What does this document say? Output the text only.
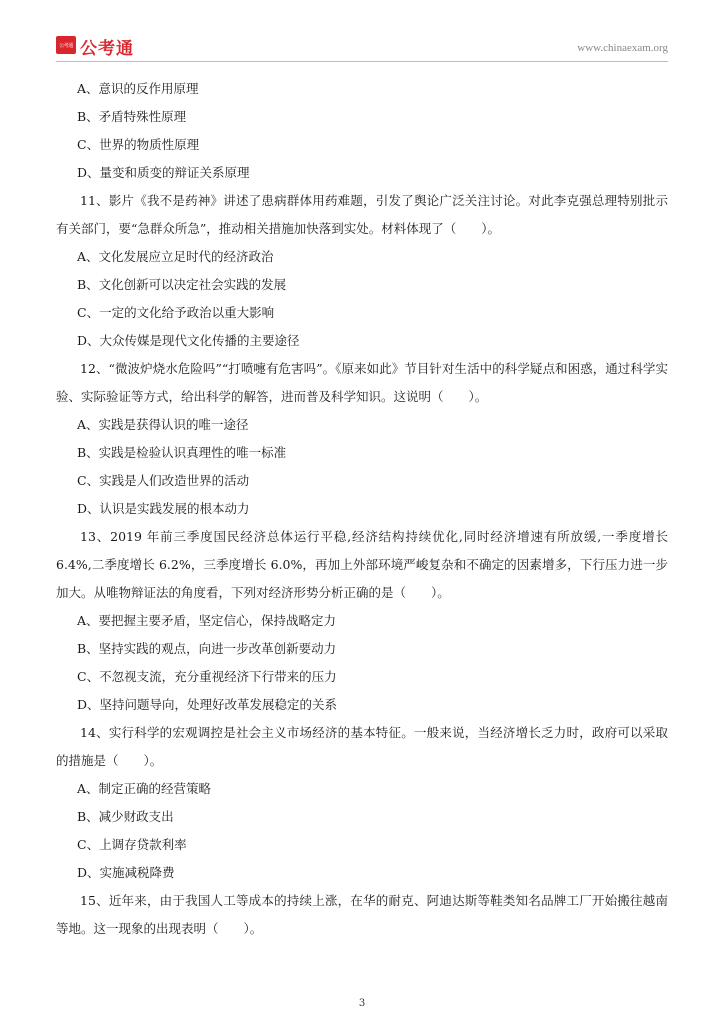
公考通 公考通	www.chinaexam.org
A、意识的反作用原理
B、矛盾特殊性原理
C、世界的物质性原理
D、量变和质变的辩证关系原理
11、影片《我不是药神》讲述了患病群体用药难题，引发了舆论广泛关注讨论。对此李克强总理特别批示有关部门，要“急群众所急”，推动相关措施加快落到实处。材料体现了（　　）。
A、文化发展应立足时代的经济政治
B、文化创新可以决定社会实践的发展
C、一定的文化给予政治以重大影响
D、大众传媒是现代文化传播的主要途径
12、“微波炉烧水危险吗”“打喷嚏有危害吗”。《原来如此》节目针对生活中的科学疑点和困惑，通过科学实验、实际验证等方式，给出科学的解答，进而普及科学知识。这说明（　　）。
A、实践是获得认识的唯一途径
B、实践是检验认识真理性的唯一标准
C、实践是人们改造世界的活动
D、认识是实践发展的根本动力
13、2019 年前三季度国民经济总体运行平稳,经济结构持续优化,同时经济增速有所放缓,一季度增长 6.4%,二季度增长 6.2%，三季度增长 6.0%，再加上外部环境严峻复杂和不确定的因素增多，下行压力进一步加大。从唯物辩证法的角度看，下列对经济形势分析正确的是（　　）。
A、要把握主要矛盾，坚定信心，保持战略定力
B、坚持实践的观点，向进一步改革创新要动力
C、不忽视支流，充分重视经济下行带来的压力
D、坚持问题导向，处理好改革发展稳定的关系
14、实行科学的宏观调控是社会主义市场经济的基本特征。一般来说，当经济增长乏力时，政府可以采取的措施是（　　）。
A、制定正确的经营策略
B、减少财政支出
C、上调存贷款利率
D、实施减税降费
15、近年来，由于我国人工等成本的持续上涨，在华的耐克、阿迪达斯等鞋类知名品牌工厂开始搬往越南等地。这一现象的出现表明（　　）。
3
